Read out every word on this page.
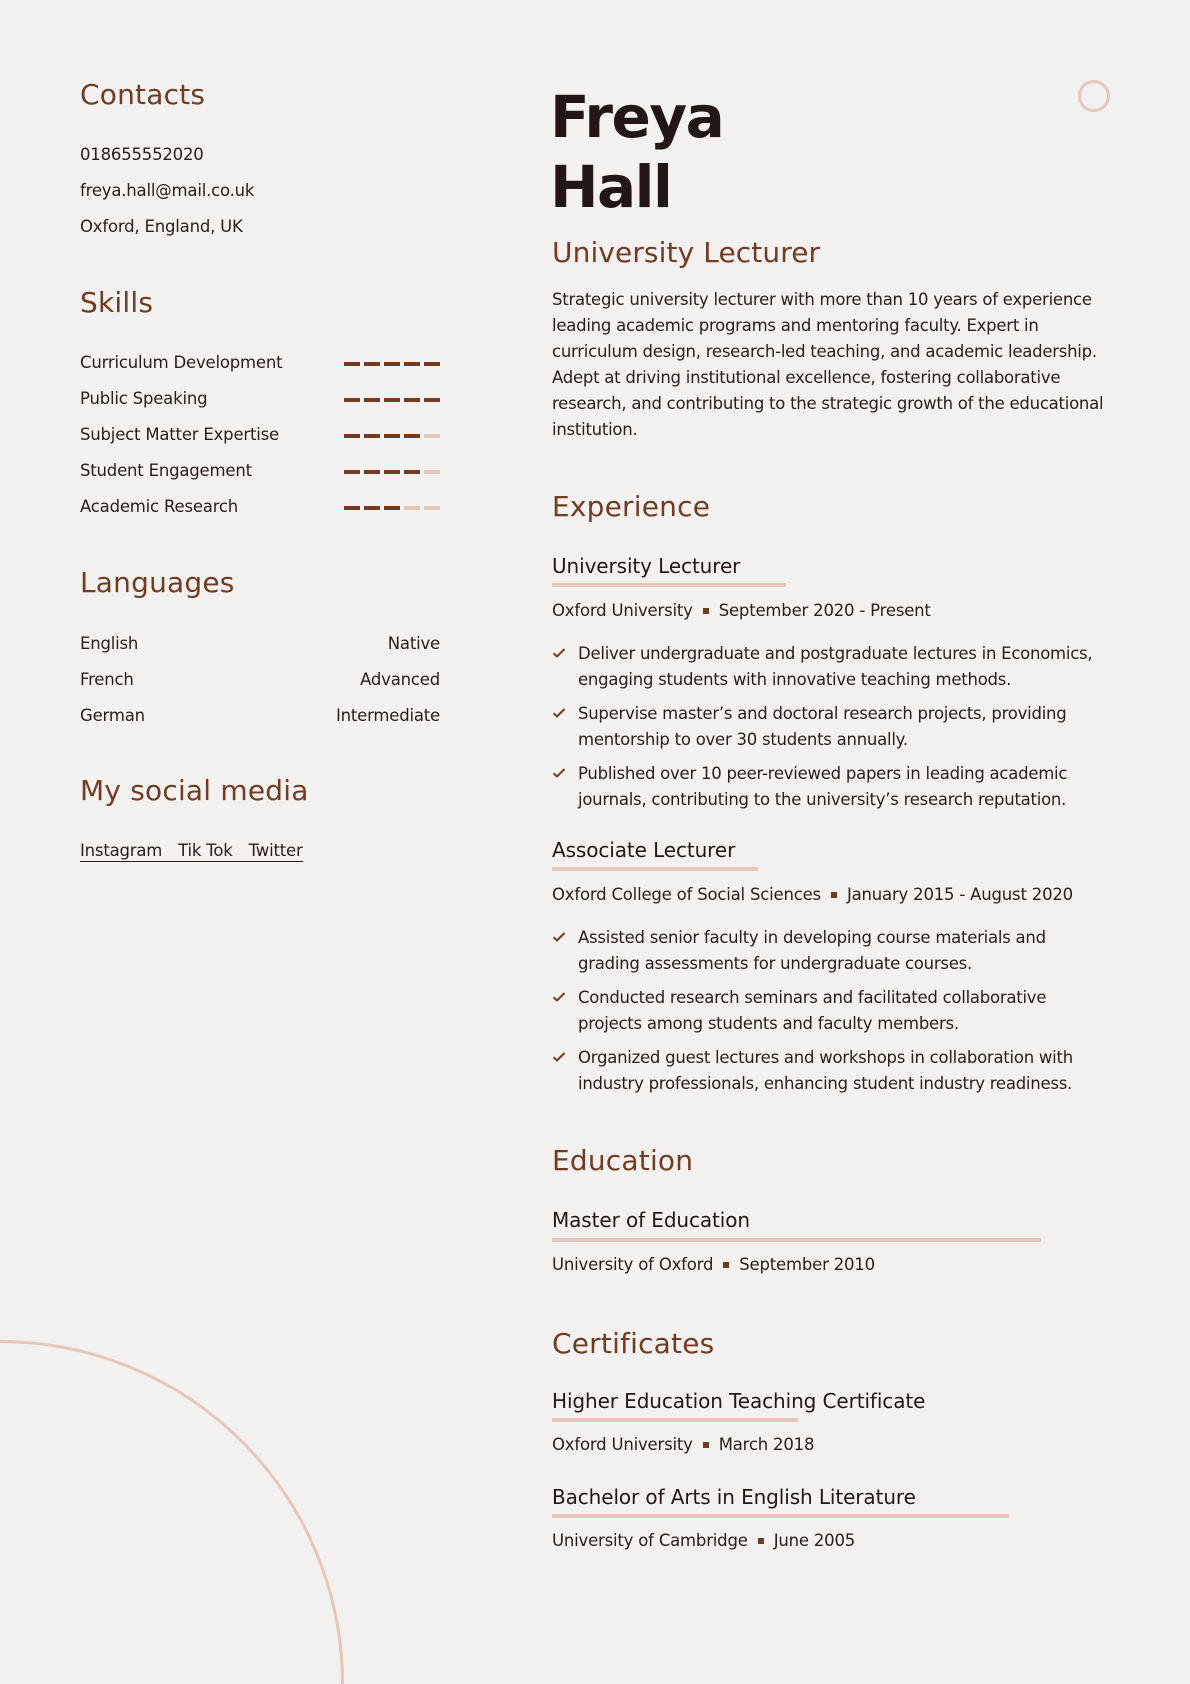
Contacts
018655552020
freya.hall@mail.co.uk
Oxford, England, UK
Skills
Curriculum Development
Public Speaking
Subject Matter Expertise
Student Engagement
Academic Research
Languages
English	Native
French	Advanced
German	Intermediate
My social media
Instagram Tik Tok Twitter
Freya
Hall
University Lecturer
Strategic university lecturer with more than 10 years of experience leading academic programs and mentoring faculty. Expert in curriculum design, research-led teaching, and academic leadership. Adept at driving institutional excellence, fostering collaborative research, and contributing to the strategic growth of the educational institution.
Experience
University Lecturer
Oxford University September 2020 - Present
Deliver undergraduate and postgraduate lectures in Economics, engaging students with innovative teaching methods.
Supervise master’s and doctoral research projects, providing mentorship to over 30 students annually.
Published over 10 peer-reviewed papers in leading academic journals, contributing to the university’s research reputation.
Associate Lecturer
Oxford College of Social Sciences January 2015 - August 2020
Assisted senior faculty in developing course materials and grading assessments for undergraduate courses.
Conducted research seminars and facilitated collaborative projects among students and faculty members.
Organized guest lectures and workshops in collaboration with industry professionals, enhancing student industry readiness.
Education
Master of Education
University of Oxford September 2010
Certificates
Higher Education Teaching Certificate
Oxford University March 2018
Bachelor of Arts in English Literature
University of Cambridge June 2005
